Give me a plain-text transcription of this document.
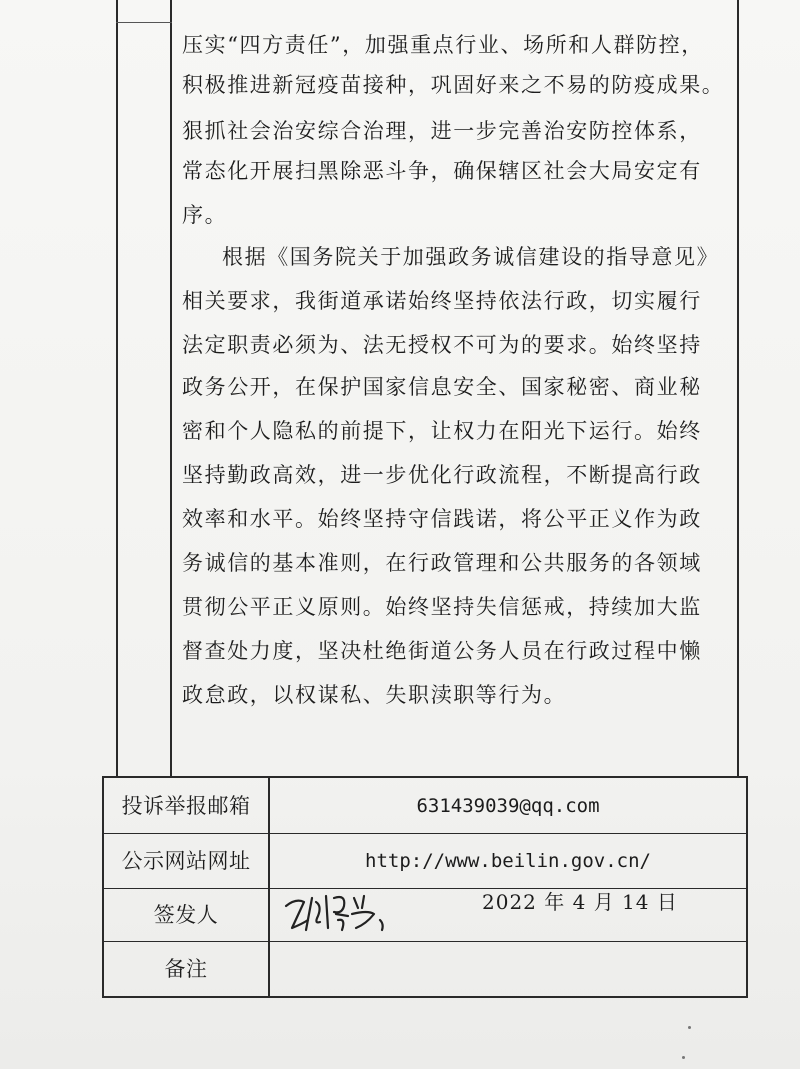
压实“四方责任”，加强重点行业、场所和人群防控，
积极推进新冠疫苗接种，巩固好来之不易的防疫成果。
狠抓社会治安综合治理，进一步完善治安防控体系，
常态化开展扫黑除恶斗争，确保辖区社会大局安定有
序。
根据《国务院关于加强政务诚信建设的指导意见》
相关要求，我街道承诺始终坚持依法行政，切实履行
法定职责必须为、法无授权不可为的要求。始终坚持
政务公开，在保护国家信息安全、国家秘密、商业秘
密和个人隐私的前提下，让权力在阳光下运行。始终
坚持勤政高效，进一步优化行政流程，不断提高行政
效率和水平。始终坚持守信践诺，将公平正义作为政
务诚信的基本准则，在行政管理和公共服务的各领域
贯彻公平正义原则。始终坚持失信惩戒，持续加大监
督查处力度，坚决杜绝街道公务人员在行政过程中懒
政怠政，以权谋私、失职渎职等行为。
投诉举报邮箱	631439039@qq.com
公示网站网址	http://www.beilin.gov.cn/
签发人
2022 年 4 月 14 日
备注
